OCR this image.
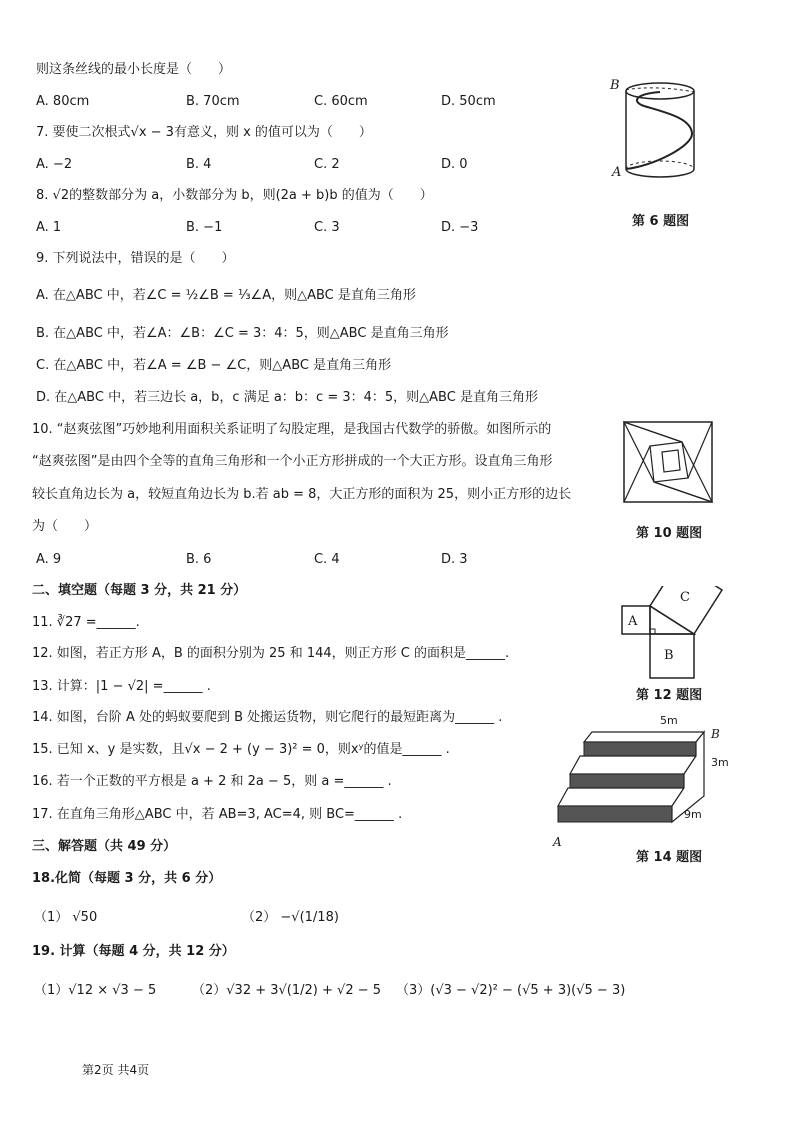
则这条丝线的最小长度是（　　）
A. 80cm	B. 70cm	C. 60cm	D. 50cm
7. 要使二次根式√x − 3有意义，则 x 的值可以为（　　）
A. −2	B. 4	C. 2	D. 0
8. √2的整数部分为 a，小数部分为 b，则(2a + b)b 的值为（　　）
A. 1	B. −1	C. 3	D. −3
9. 下列说法中，错误的是（　　）
A. 在△ABC 中，若∠C = ½∠B = ⅓∠A，则△ABC 是直角三角形
B. 在△ABC 中，若∠A：∠B：∠C = 3：4：5，则△ABC 是直角三角形
C. 在△ABC 中，若∠A = ∠B − ∠C，则△ABC 是直角三角形
D. 在△ABC 中，若三边长 a，b，c 满足 a：b：c = 3：4：5，则△ABC 是直角三角形
10. “赵爽弦图”巧妙地利用面积关系证明了勾股定理，是我国古代数学的骄傲。如图所示的
“赵爽弦图”是由四个全等的直角三角形和一个小正方形拼成的一个大正方形。设直角三角形
较长直角边长为 a，较短直角边长为 b.若 ab = 8，大正方形的面积为 25，则小正方形的边长
为（　　）
A. 9	B. 6	C. 4	D. 3
二、填空题（每题 3 分，共 21 分）
11. ∛27 =______.
12. 如图，若正方形 A，B 的面积分别为 25 和 144，则正方形 C 的面积是______.
13. 计算：|1 − √2| =______ .
14. 如图，台阶 A 处的蚂蚁要爬到 B 处搬运货物，则它爬行的最短距离为______ .
15. 已知 x、y 是实数，且√x − 2 + (y − 3)² = 0，则xʸ的值是______ .
16. 若一个正数的平方根是 a + 2 和 2a − 5，则 a =______ .
17. 在直角三角形△ABC 中，若 AB=3, AC=4, 则 BC=______ .
三、解答题（共 49 分）
18.化简（每题 3 分，共 6 分）
（1） √50	（2） −√(1/18)
19. 计算（每题 4 分，共 12 分）
（1）√12 × √3 − 5	（2）√32 + 3√(1/2) + √2 − 5 （3）(√3 − √2)² − (√5 + 3)(√5 − 3)
第2页 共4页
B
A
第 6 题图
第 10 题图
A
B
C
第 12 题图
5m
B
3m
9m
A
第 14 题图
